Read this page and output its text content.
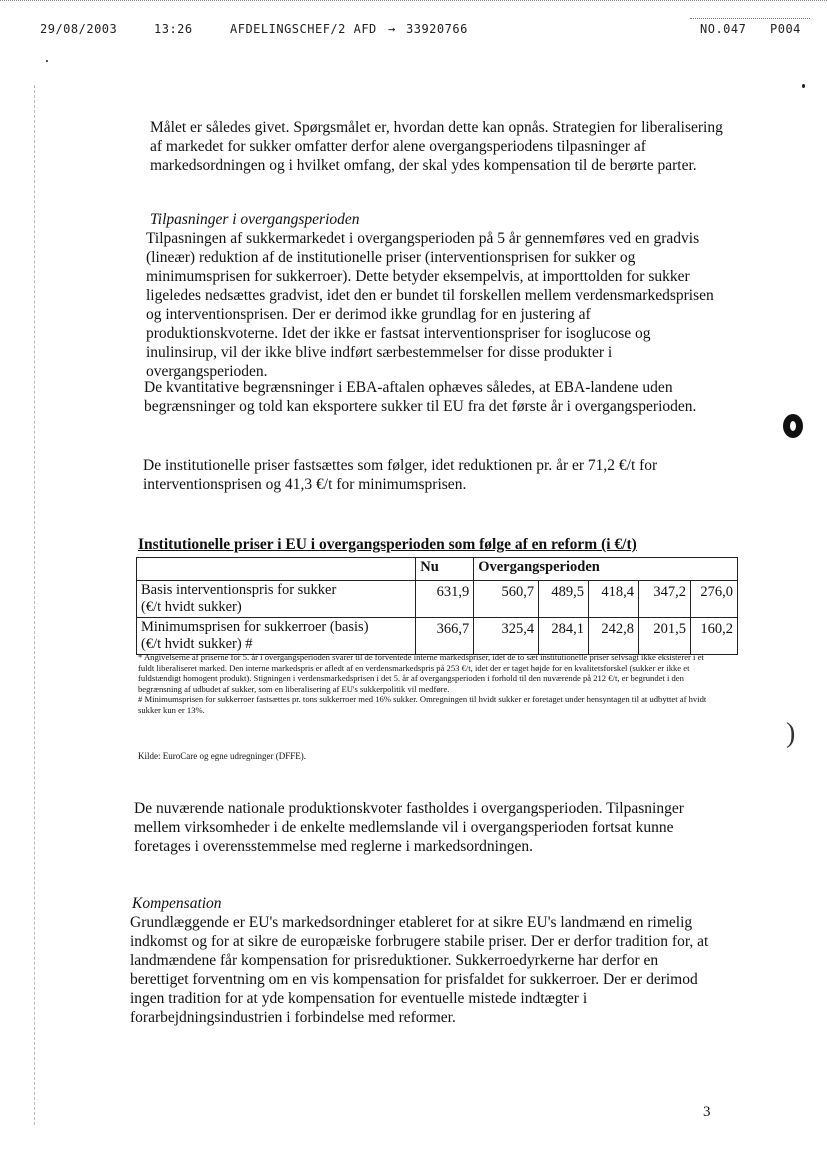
29/08/2003	13:26	AFDELINGSCHEF/2 AFD → 33920766	NO.047 P004

Målet er således givet. Spørgsmålet er, hvordan dette kan opnås. Strategien for liberalisering af markedet for sukker omfatter derfor alene overgangsperiodens tilpasninger af markedsordningen og i hvilket omfang, der skal ydes kompensation til de berørte parter.

Tilpasninger i overgangsperioden

Tilpasningen af sukkermarkedet i overgangsperioden på 5 år gennemføres ved en gradvis (lineær) reduktion af de institutionelle priser (interventionsprisen for sukker og minimumsprisen for sukkerroer). Dette betyder eksempelvis, at importtolden for sukker ligeledes nedsættes gradvist, idet den er bundet til forskellen mellem verdensmarkedsprisen og interventionsprisen. Der er derimod ikke grundlag for en justering af produktionskvoterne. Idet der ikke er fastsat interventionspriser for isoglucose og inulinsirup, vil der ikke blive indført særbestemmelser for disse produkter i overgangsperioden.

De kvantitative begrænsninger i EBA-aftalen ophæves således, at EBA-landene uden begrænsninger og told kan eksportere sukker til EU fra det første år i overgangsperioden.

De institutionelle priser fastsættes som følger, idet reduktionen pr. år er 71,2 €/t for interventionsprisen og 41,3 €/t for minimumsprisen.

Institutionelle priser i EU i overgangsperioden som følge af en reform (i €/t)

	Nu	Overgangsperioden				

Basis interventionspris for sukker
(€/t hvidt sukker)	631,9	560,7	489,5	418,4	347,2	276,0

Minimumsprisen for sukkerroer (basis)
(€/t hvidt sukker) #	366,7	325,4	284,1	242,8	201,5	160,2
* Angivelserne af priserne for 5. år i overgangsperioden svarer til de forventede interne markedspriser, idet de to sæt institutionelle priser selvsagt ikke eksisterer i et fuldt liberaliseret marked. Den interne markedspris er afledt af en verdensmarkedspris på 253 €/t, idet der er taget højde for en kvalitetsforskel (sukker er ikke et fuldstændigt homogent produkt). Stigningen i verdensmarkedsprisen i det 5. år af overgangsperioden i forhold til den nuværende på 212 €/t, er begrundet i den begrænsning af udbudet af sukker, som en liberalisering af EU's sukkerpolitik vil medføre.
# Minimumsprisen for sukkerroer fastsættes pr. tons sukkerroer med 16% sukker. Omregningen til hvidt sukker er foretaget under hensyntagen til at udbyttet af hvidt sukker kun er 13%.

Kilde: EuroCare og egne udregninger (DFFE).

De nuværende nationale produktionskvoter fastholdes i overgangsperioden. Tilpasninger mellem virksomheder i de enkelte medlemslande vil i overgangsperioden fortsat kunne foretages i overensstemmelse med reglerne i markedsordningen.

Kompensation

Grundlæggende er EU's markedsordninger etableret for at sikre EU's landmænd en rimelig indkomst og for at sikre de europæiske forbrugere stabile priser. Der er derfor tradition for, at landmændene får kompensation for prisreduktioner. Sukkerroedyrkerne har derfor en berettiget forventning om en vis kompensation for prisfaldet for sukkerroer. Der er derimod ingen tradition for at yde kompensation for eventuelle mistede indtægter i forarbejdningsindustrien i forbindelse med reformer.

3
)
